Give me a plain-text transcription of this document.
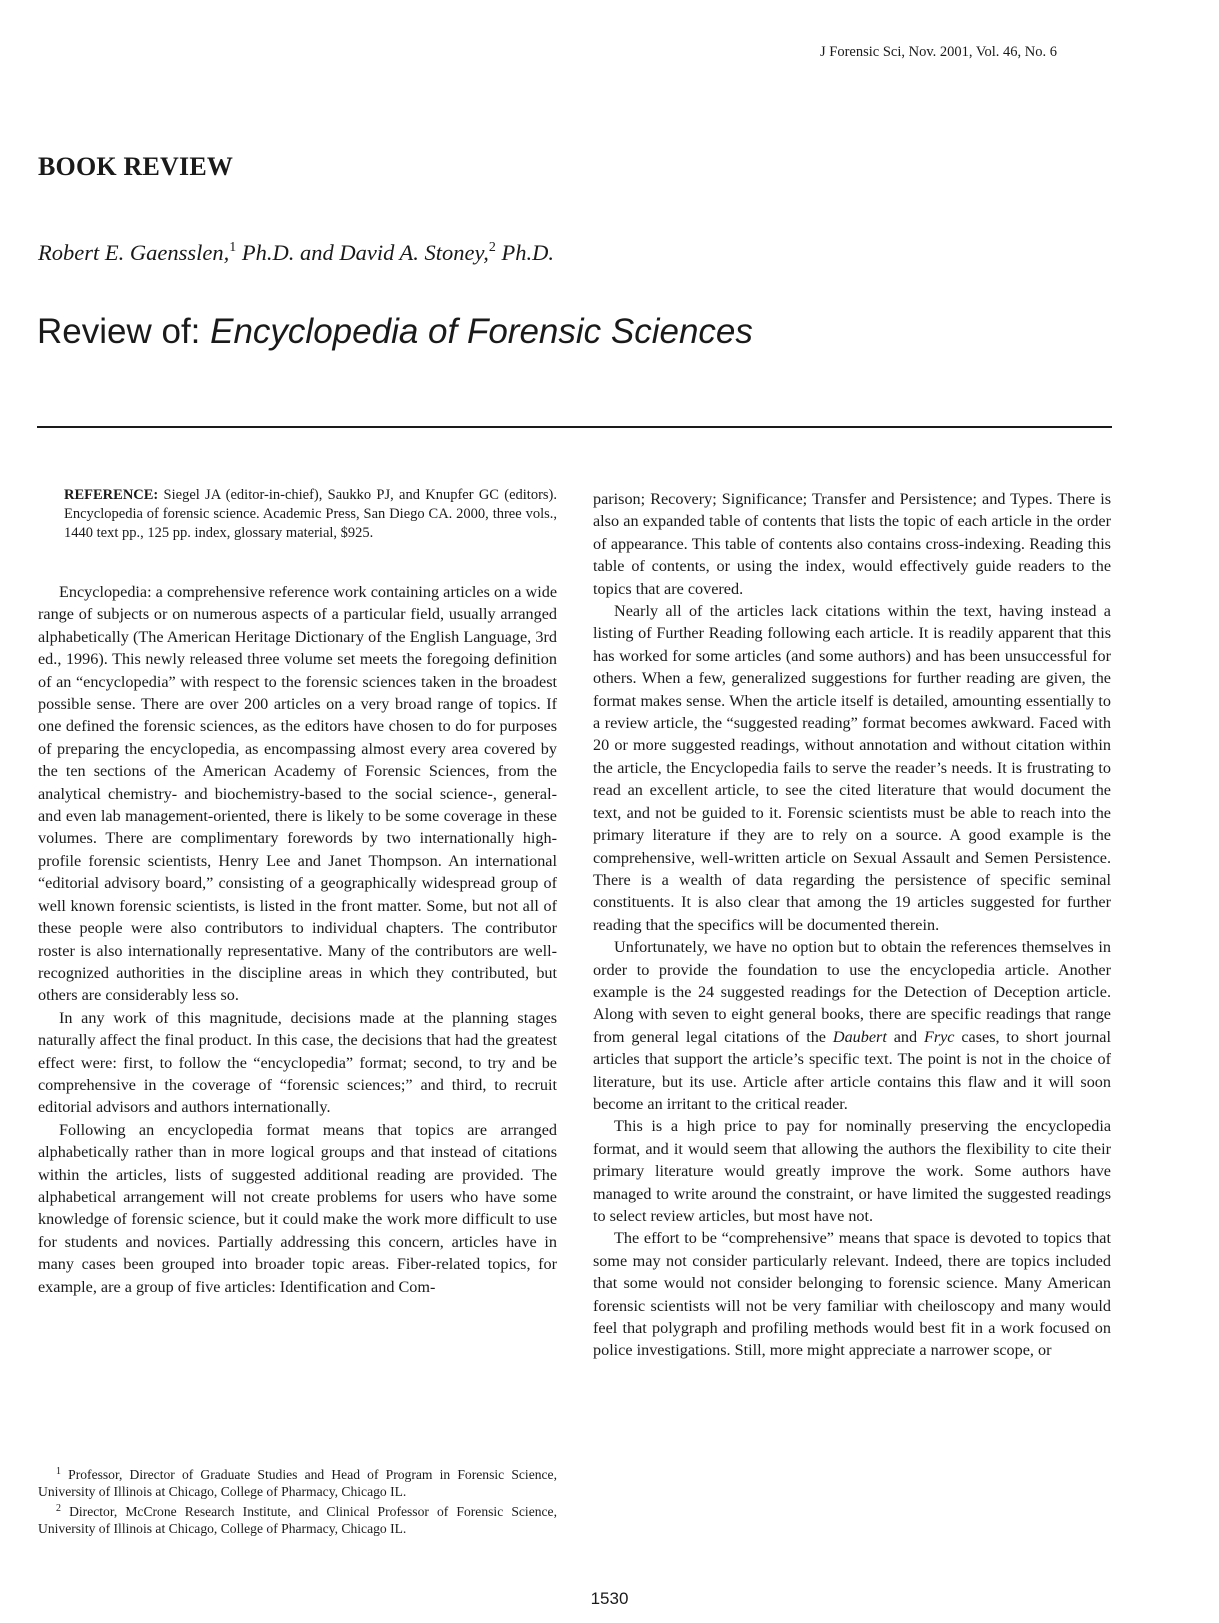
J Forensic Sci, Nov. 2001, Vol. 46, No. 6
BOOK REVIEW
Robert E. Gaensslen,$^1$ Ph.D. and David A. Stoney,$^2$ Ph.D.
Review of: Encyclopedia of Forensic Sciences
REFERENCE: Siegel JA (editor-in-chief), Saukko PJ, and Knupfer GC (editors). Encyclopedia of forensic science. Academic Press, San Diego CA. 2000, three vols., 1440 text pp., 125 pp. index, glossary material, $925.

Encyclopedia: a comprehensive reference work containing articles on a wide range of subjects or on numerous aspects of a particular field, usually arranged alphabetically (The American Heritage Dictionary of the English Language, 3rd ed., 1996). This newly released three volume set meets the foregoing definition of an “encyclopedia” with respect to the forensic sciences taken in the broadest possible sense. There are over 200 articles on a very broad range of topics. If one defined the forensic sciences, as the editors have chosen to do for purposes of preparing the encyclopedia, as encompassing almost every area covered by the ten sections of the American Academy of Forensic Sciences, from the analytical chemistry- and biochemistry-based to the social science-, general- and even lab management-oriented, there is likely to be some coverage in these volumes. There are complimentary forewords by two internationally high-profile forensic scientists, Henry Lee and Janet Thompson. An international “editorial advisory board,” consisting of a geographically widespread group of well known forensic scientists, is listed in the front matter. Some, but not all of these people were also contributors to individual chapters. The contributor roster is also internationally representative. Many of the contributors are well-recognized authorities in the discipline areas in which they contributed, but others are considerably less so.

In any work of this magnitude, decisions made at the planning stages naturally affect the final product. In this case, the decisions that had the greatest effect were: first, to follow the “encyclopedia” format; second, to try and be comprehensive in the coverage of “forensic sciences;” and third, to recruit editorial advisors and authors internationally.

Following an encyclopedia format means that topics are arranged alphabetically rather than in more logical groups and that instead of citations within the articles, lists of suggested additional reading are provided. The alphabetical arrangement will not create problems for users who have some knowledge of forensic science, but it could make the work more difficult to use for students and novices. Partially addressing this concern, articles have in many cases been grouped into broader topic areas. Fiber-related topics, for example, are a group of five articles: Identification and Com-

$^1$ Professor, Director of Graduate Studies and Head of Program in Forensic Science, University of Illinois at Chicago, College of Pharmacy, Chicago IL.

$^2$ Director, McCrone Research Institute, and Clinical Professor of Forensic Science, University of Illinois at Chicago, College of Pharmacy, Chicago IL.

parison; Recovery; Significance; Transfer and Persistence; and Types. There is also an expanded table of contents that lists the topic of each article in the order of appearance. This table of contents also contains cross-indexing. Reading this table of contents, or using the index, would effectively guide readers to the topics that are covered.

Nearly all of the articles lack citations within the text, having instead a listing of Further Reading following each article. It is readily apparent that this has worked for some articles (and some authors) and has been unsuccessful for others. When a few, generalized suggestions for further reading are given, the format makes sense. When the article itself is detailed, amounting essentially to a review article, the “suggested reading” format becomes awkward. Faced with 20 or more suggested readings, without annotation and without citation within the article, the Encyclopedia fails to serve the reader’s needs. It is frustrating to read an excellent article, to see the cited literature that would document the text, and not be guided to it. Forensic scientists must be able to reach into the primary literature if they are to rely on a source. A good example is the comprehensive, well-written article on Sexual Assault and Semen Persistence. There is a wealth of data regarding the persistence of specific seminal constituents. It is also clear that among the 19 articles suggested for further reading that the specifics will be documented therein.

Unfortunately, we have no option but to obtain the references themselves in order to provide the foundation to use the encyclopedia article. Another example is the 24 suggested readings for the Detection of Deception article. Along with seven to eight general books, there are specific readings that range from general legal citations of the Daubert and Fryc cases, to short journal articles that support the article’s specific text. The point is not in the choice of literature, but its use. Article after article contains this flaw and it will soon become an irritant to the critical reader.

This is a high price to pay for nominally preserving the encyclopedia format, and it would seem that allowing the authors the flexibility to cite their primary literature would greatly improve the work. Some authors have managed to write around the constraint, or have limited the suggested readings to select review articles, but most have not.

The effort to be “comprehensive” means that space is devoted to topics that some may not consider particularly relevant. Indeed, there are topics included that some would not consider belonging to forensic science. Many American forensic scientists will not be very familiar with cheiloscopy and many would feel that polygraph and profiling methods would best fit in a work focused on police investigations. Still, more might appreciate a narrower scope, or

1530
